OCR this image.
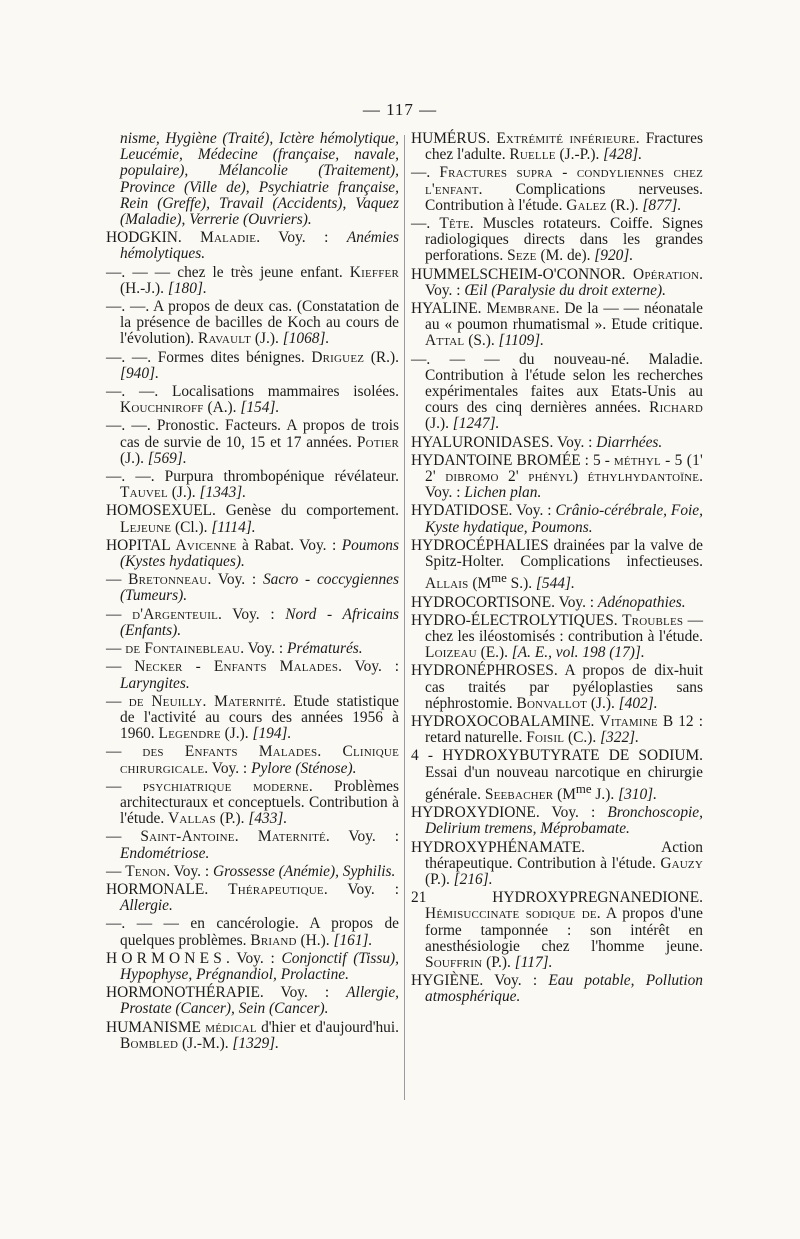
— 117 —

nisme, Hygiène (Traité), Ictère hémolytique, Leucémie, Médecine (française, navale, populaire), Mélancolie (Traitement), Province (Ville de), Psychiatrie française, Rein (Greffe), Travail (Accidents), Vaquez (Maladie), Verrerie (Ouvriers).

HODGKIN. Maladie. Voy. : Anémies hémolytiques.

—. — — chez le très jeune enfant. Kieffer (H.-J.). [180].

—. —. A propos de deux cas. (Constatation de la présence de bacilles de Koch au cours de l'évolution). Ravault (J.). [1068].

—. —. Formes dites bénignes. Driguez (R.). [940].

—. —. Localisations mammaires isolées. Kouchniroff (A.). [154].

—. —. Pronostic. Facteurs. A propos de trois cas de survie de 10, 15 et 17 années. Potier (J.). [569].

—. —. Purpura thrombopénique révélateur. Tauvel (J.). [1343].

HOMOSEXUEL. Genèse du comportement. Lejeune (Cl.). [1114].

HOPITAL Avicenne à Rabat. Voy. : Poumons (Kystes hydatiques).

— Bretonneau. Voy. : Sacro - coccygiennes (Tumeurs).

— d'Argenteuil. Voy. : Nord - Africains (Enfants).

— de Fontainebleau. Voy. : Prématurés.

— Necker - Enfants Malades. Voy. : Laryngites.

— de Neuilly. Maternité. Etude statistique de l'activité au cours des années 1956 à 1960. Legendre (J.). [194].

— des Enfants Malades. Clinique chirurgicale. Voy. : Pylore (Sténose).

— psychiatrique moderne. Problèmes architecturaux et conceptuels. Contribution à l'étude. Vallas (P.). [433].

— Saint-Antoine. Maternité. Voy. : Endométriose.

— Tenon. Voy. : Grossesse (Anémie), Syphilis.

HORMONALE. Thérapeutique. Voy. : Allergie.

—. — — en cancérologie. A propos de quelques problèmes. Briand (H.). [161].

HORMONES. Voy. : Conjonctif (Tissu), Hypophyse, Prégnandiol, Prolactine.

HORMONOTHÉRAPIE. Voy. : Allergie, Prostate (Cancer), Sein (Cancer).

HUMANISME médical d'hier et d'aujourd'hui. Bombled (J.-M.). [1329].

HUMÉRUS. Extrémité inférieure. Fractures chez l'adulte. Ruelle (J.-P.). [428].

—. Fractures supra - condyliennes chez l'enfant. Complications nerveuses. Contribution à l'étude. Galez (R.). [877].

—. Tête. Muscles rotateurs. Coiffe. Signes radiologiques directs dans les grandes perforations. Seze (M. de). [920].

HUMMELSCHEIM-O'CONNOR. Opération. Voy. : Œil (Paralysie du droit externe).

HYALINE. Membrane. De la — — néonatale au « poumon rhumatismal ». Etude critique. Attal (S.). [1109].

—. — — du nouveau-né. Maladie. Contribution à l'étude selon les recherches expérimentales faites aux Etats-Unis au cours des cinq dernières années. Richard (J.). [1247].

HYALURONIDASES. Voy. : Diarrhées.

HYDANTOINE BROMÉE : 5 - méthyl - 5 (1' 2' dibromo 2' phényl) éthylhydantoïne. Voy. : Lichen plan.

HYDATIDOSE. Voy. : Crânio-cérébrale, Foie, Kyste hydatique, Poumons.

HYDROCÉPHALIES drainées par la valve de Spitz-Holter. Complications infectieuses. Allais ($M^{me}$ S.). [544].

HYDROCORTISONE. Voy. : Adénopathies.

HYDRO-ÉLECTROLYTIQUES. Troubles — chez les iléostomisés : contribution à l'étude. Loizeau (E.). [A. E., vol. 198 (17)].

HYDRONÉPHROSES. A propos de dix-huit cas traités par pyéloplasties sans néphrostomie. Bonvallot (J.). [402].

HYDROXOCOBALAMINE. Vitamine B 12 : retard naturelle. Foisil (C.). [322].

4 - HYDROXYBUTYRATE DE SODIUM. Essai d'un nouveau narcotique en chirurgie générale. Seebacher ($M^{me}$ J.). [310].

HYDROXYDIONE. Voy. : Bronchoscopie, Delirium tremens, Méprobamate.

HYDROXYPHÉNAMATE. Action thérapeutique. Contribution à l'étude. Gauzy (P.). [216].

21 HYDROXYPREGNANEDIONE. Hémisuccinate sodique de. A propos d'une forme tamponnée : son intérêt en anesthésiologie chez l'homme jeune. Souffrin (P.). [117].

HYGIÈNE. Voy. : Eau potable, Pollution atmosphérique.
